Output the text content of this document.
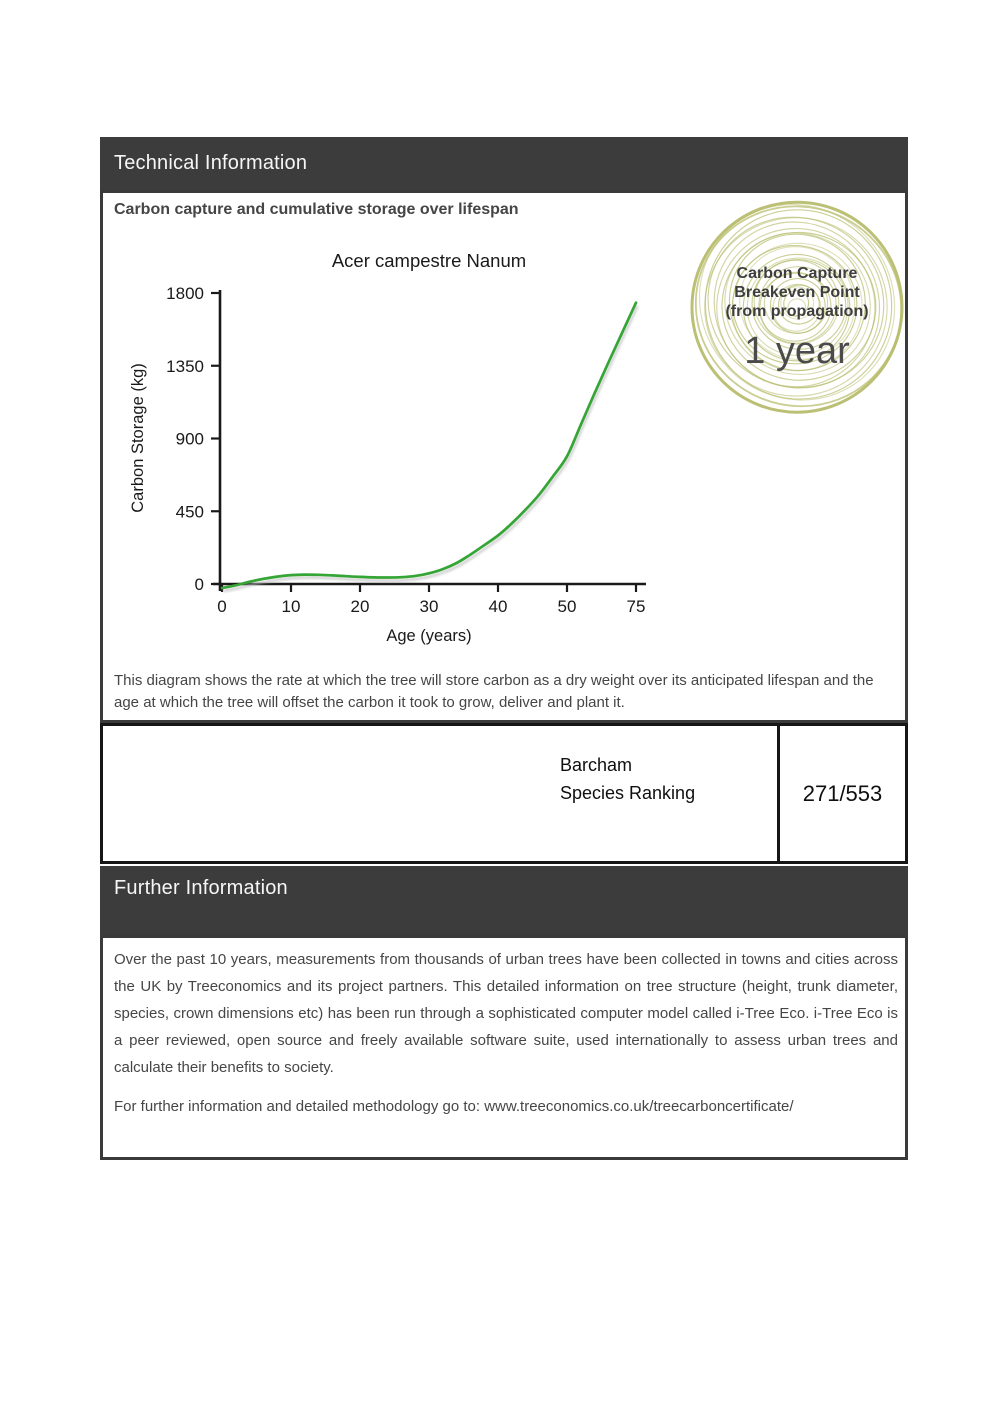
Technical Information
Carbon capture and cumulative storage over lifespan
0
450
900
1350
1800
0	10	20	30	40	50	75
Acer campestre Nanum
Age (years)
Carbon Storage (kg)
Carbon Capture
Breakeven Point
(from propagation)
1 year
This diagram shows the rate at which the tree will store carbon as a dry weight over its anticipated lifespan and the age at which the tree will offset the carbon it took to grow, deliver and plant it.
Barcham
Species Ranking	271/553
Further Information
Over the past 10 years, measurements from thousands of urban trees have been collected in towns and cities across the UK by Treeconomics and its project partners. This detailed information on tree structure (height, trunk diameter, species, crown dimensions etc) has been run through a sophisticated computer model called i-Tree Eco. i-Tree Eco is a peer reviewed, open source and freely available software suite, used internationally to assess urban trees and calculate their benefits to society.
For further information and detailed methodology go to: www.treeconomics.co.uk/treecarboncertificate/
